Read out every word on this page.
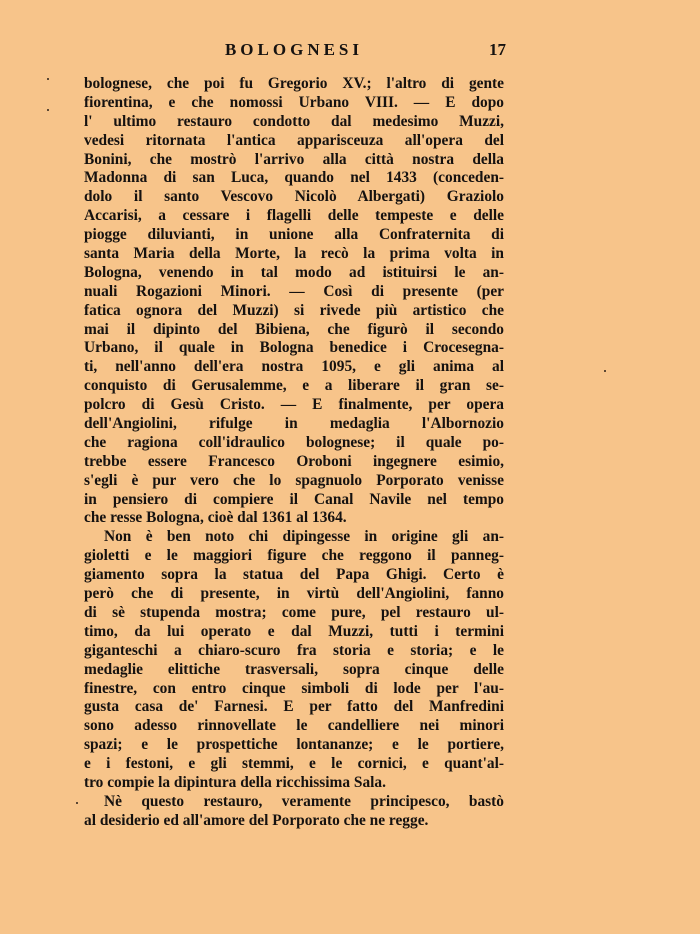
BOLOGNESI	17
bolognese, che poi fu Gregorio XV.; l'altro di gente
fiorentina, e che nomossi Urbano VIII. — E dopo
l' ultimo restauro condotto dal medesimo Muzzi,
vedesi ritornata l'antica apparisceuza all'opera del
Bonini, che mostrò l'arrivo alla città nostra della
Madonna di san Luca, quando nel 1433 (conceden-
dolo il santo Vescovo Nicolò Albergati) Graziolo
Accarisi, a cessare i flagelli delle tempeste e delle
piogge diluvianti, in unione alla Confraternita di
santa Maria della Morte, la recò la prima volta in
Bologna, venendo in tal modo ad istituirsi le an-
nuali Rogazioni Minori. — Così di presente (per
fatica ognora del Muzzi) si rivede più artistico che
mai il dipinto del Bibiena, che figurò il secondo
Urbano, il quale in Bologna benedice i Crocesegna-
ti, nell'anno dell'era nostra 1095, e gli anima al
conquisto di Gerusalemme, e a liberare il gran se-
polcro di Gesù Cristo. — E finalmente, per opera
dell'Angiolini, rifulge in medaglia l'Albornozio
che ragiona coll'idraulico bolognese; il quale po-
trebbe essere Francesco Oroboni ingegnere esimio,
s'egli è pur vero che lo spagnuolo Porporato venisse
in pensiero di compiere il Canal Navile nel tempo
che resse Bologna, cioè dal 1361 al 1364.
Non è ben noto chi dipingesse in origine gli an-
gioletti e le maggiori figure che reggono il panneg-
giamento sopra la statua del Papa Ghigi. Certo è
però che di presente, in virtù dell'Angiolini, fanno
di sè stupenda mostra; come pure, pel restauro ul-
timo, da lui operato e dal Muzzi, tutti i termini
giganteschi a chiaro-scuro fra storia e storia; e le
medaglie elittiche trasversali, sopra cinque delle
finestre, con entro cinque simboli di lode per l'au-
gusta casa de' Farnesi. E per fatto del Manfredini
sono adesso rinnovellate le candelliere nei minori
spazi; e le prospettiche lontananze; e le portiere,
e i festoni, e gli stemmi, e le cornici, e quant'al-
tro compie la dipintura della ricchissima Sala.
Nè questo restauro, veramente principesco, bastò
al desiderio ed all'amore del Porporato che ne regge.
